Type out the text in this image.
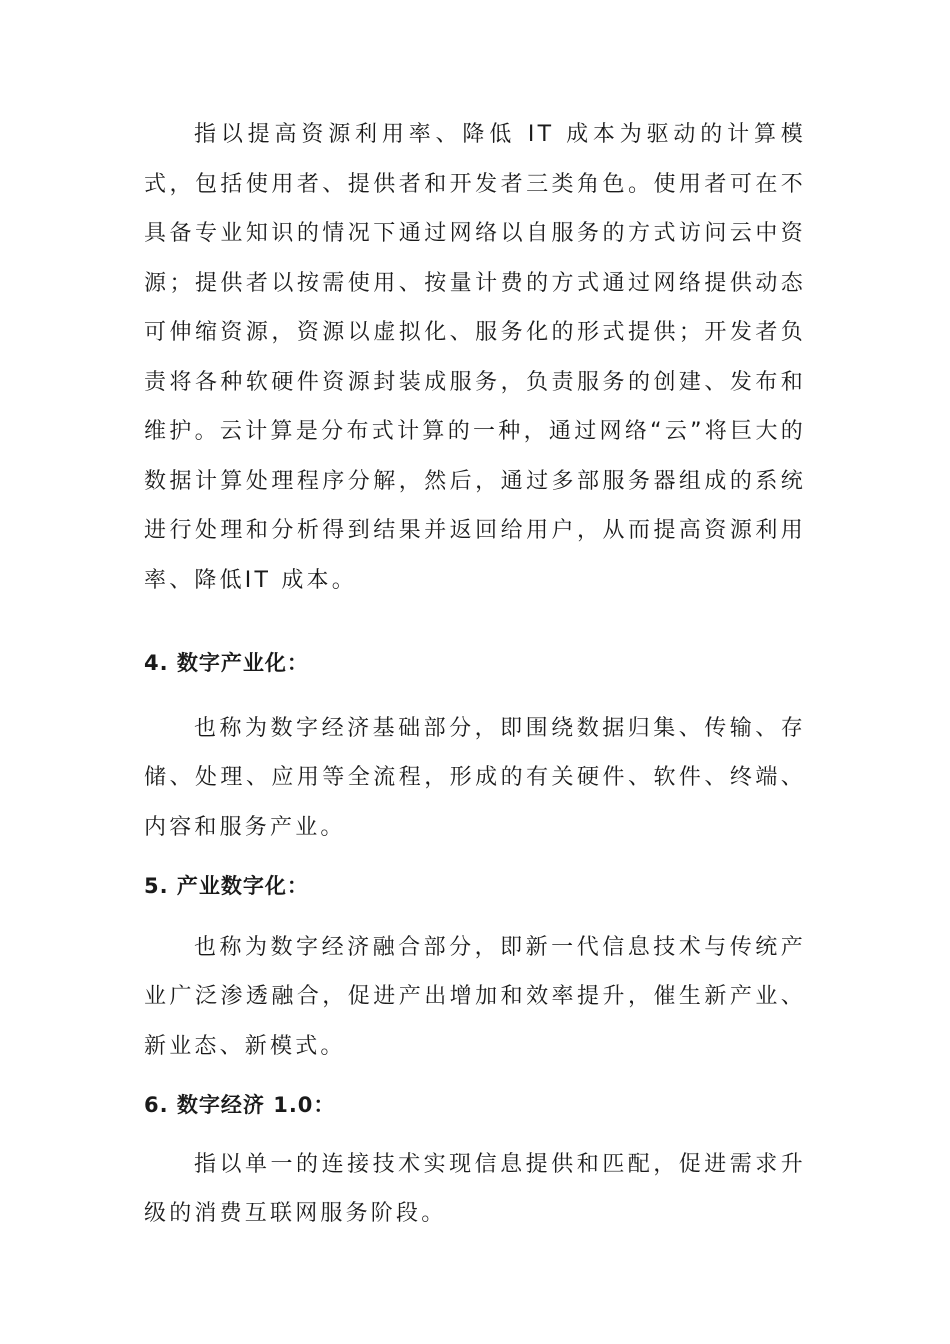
指以提高资源利用率、降低 IT 成本为驱动的计算模式，包括使用者、提供者和开发者三类角色。使用者可在不具备专业知识的情况下通过网络以自服务的方式访问云中资源；提供者以按需使用、按量计费的方式通过网络提供动态可伸缩资源，资源以虚拟化、服务化的形式提供；开发者负责将各种软硬件资源封装成服务，负责服务的创建、发布和维护。云计算是分布式计算的一种，通过网络“云”将巨大的数据计算处理程序分解，然后，通过多部服务器组成的系统进行处理和分析得到结果并返回给用户，从而提高资源利用率、降低IT 成本。

4. 数字产业化：

也称为数字经济基础部分，即围绕数据归集、传输、存储、处理、应用等全流程，形成的有关硬件、软件、终端、内容和服务产业。

5. 产业数字化：

也称为数字经济融合部分，即新一代信息技术与传统产业广泛渗透融合，促进产出增加和效率提升，催生新产业、新业态、新模式。

6. 数字经济 1.0：

指以单一的连接技术实现信息提供和匹配，促进需求升级的消费互联网服务阶段。
